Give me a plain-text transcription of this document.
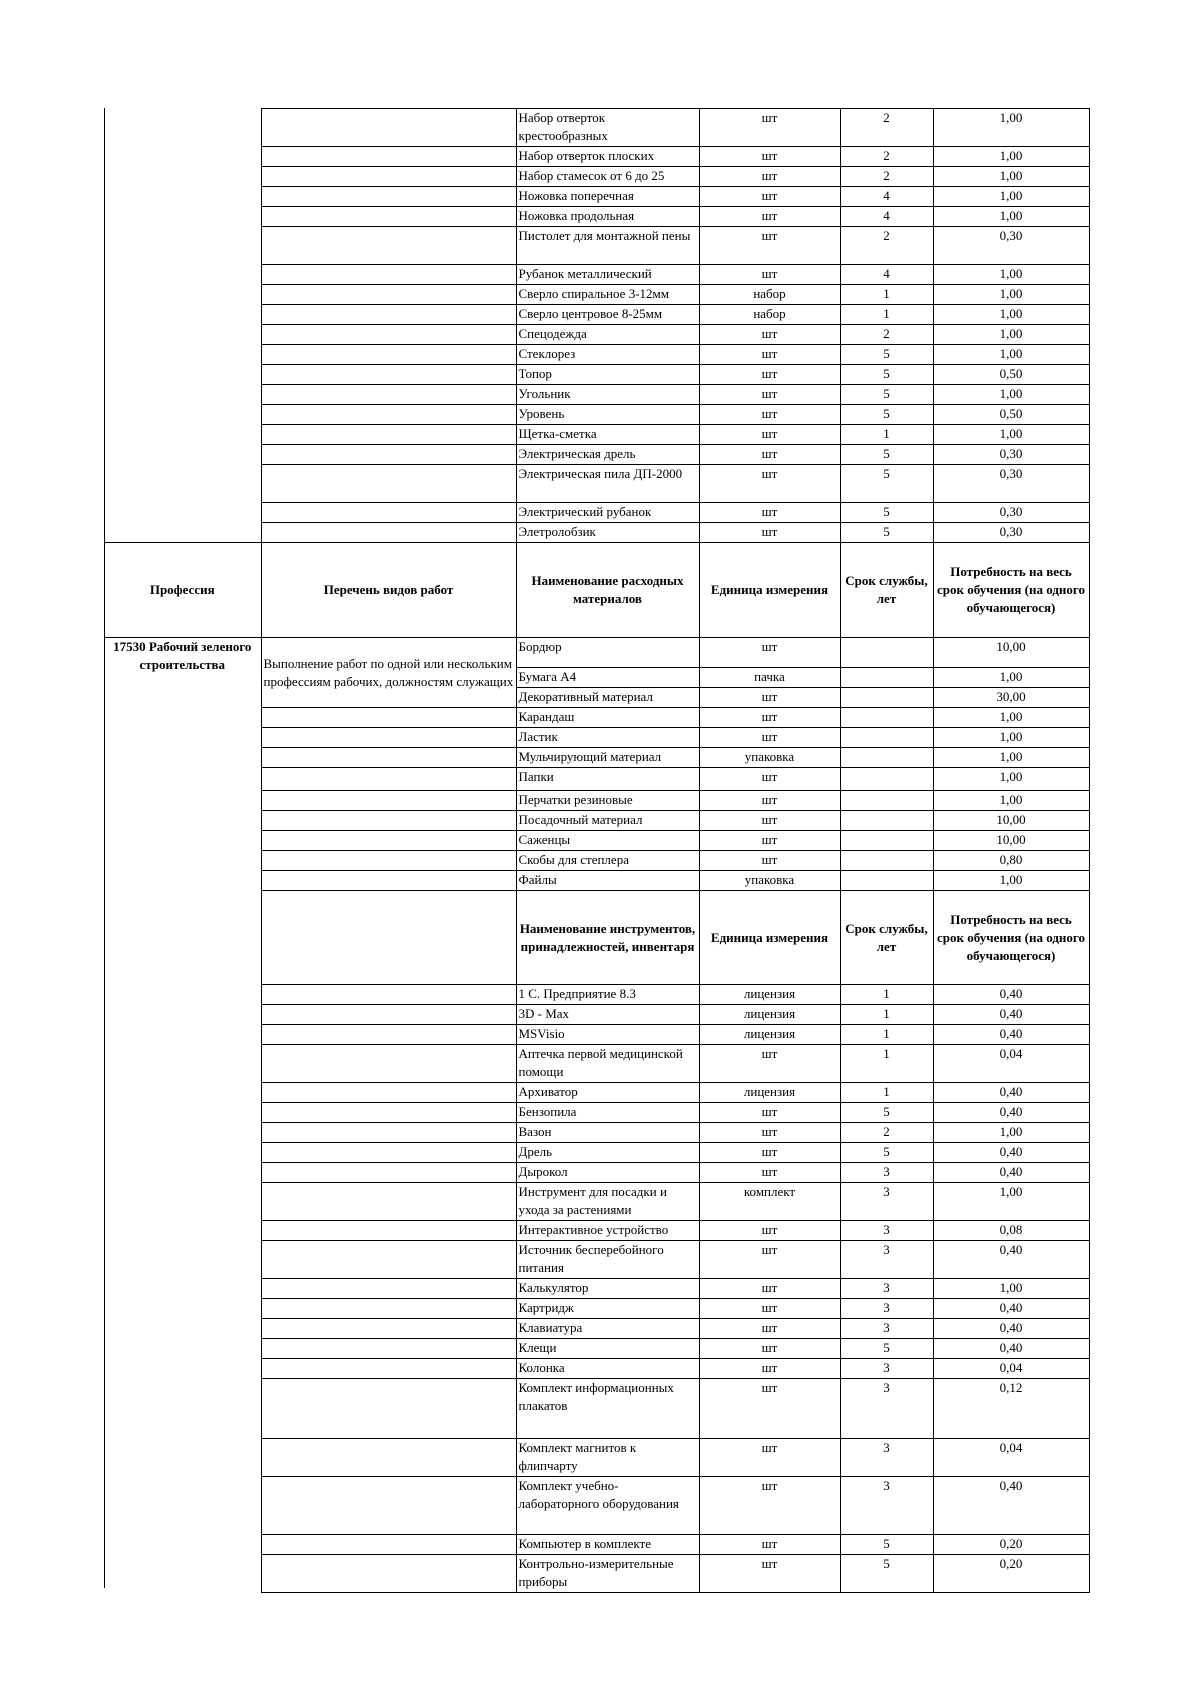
		Набор отверток крестообразных	шт	2	1,00
		Набор отверток плоских	шт	2	1,00
		Набор стамесок от 6 до 25	шт	2	1,00
		Ножовка поперечная	шт	4	1,00
		Ножовка продольная	шт	4	1,00
		Пистолет для монтажной пены	шт	2	0,30
		Рубанок металлический	шт	4	1,00
		Сверло спиральное 3-12мм	набор	1	1,00
		Сверло центровое 8-25мм	набор	1	1,00
		Спецодежда	шт	2	1,00
		Стеклорез	шт	5	1,00
		Топор	шт	5	0,50
		Угольник	шт	5	1,00
		Уровень	шт	5	0,50
		Щетка-сметка	шт	1	1,00
		Электрическая дрель	шт	5	0,30
		Электрическая пила ДП-2000	шт	5	0,30
		Электрический рубанок	шт	5	0,30
		Элетролобзик	шт	5	0,30
Профессия	Перечень видов работ	Наименование расходных материалов	Единица измерения	Срок службы, лет	Потребность на весь срок обучения (на одного обучающегося)
17530 Рабочий зеленого строительства	Выполнение работ по одной или нескольким профессиям рабочих, должностям служащих	Бордюр	шт		10,00
		Бумага А4	пачка		1,00
		Декоративный материал	шт		30,00
		Карандаш	шт		1,00
		Ластик	шт		1,00
		Мульчирующий материал	упаковка		1,00
		Папки	шт		1,00
		Перчатки резиновые	шт		1,00
		Посадочный материал	шт		10,00
		Саженцы	шт		10,00
		Скобы для степлера	шт		0,80
		Файлы	упаковка		1,00
		Наименование инструментов, принадлежностей, инвентаря	Единица измерения	Срок службы, лет	Потребность на весь срок обучения (на одного обучающегося)
		1 С. Предприятие 8.3	лицензия	1	0,40
		3D - Max	лицензия	1	0,40
		MSVisio	лицензия	1	0,40
		Аптечка первой медицинской помощи	шт	1	0,04
		Архиватор	лицензия	1	0,40
		Бензопила	шт	5	0,40
		Вазон	шт	2	1,00
		Дрель	шт	5	0,40
		Дырокол	шт	3	0,40
		Инструмент для посадки и ухода за растениями	комплект	3	1,00
		Интерактивное устройство	шт	3	0,08
		Источник бесперебойного питания	шт	3	0,40
		Калькулятор	шт	3	1,00
		Картридж	шт	3	0,40
		Клавиатура	шт	3	0,40
		Клещи	шт	5	0,40
		Колонка	шт	3	0,04
		Комплект информационных плакатов	шт	3	0,12
		Комплект магнитов к флипчарту	шт	3	0,04
		Комплект учебно-лабораторного оборудования	шт	3	0,40
		Компьютер в комплекте	шт	5	0,20
		Контрольно-измерительные приборы	шт	5	0,20
